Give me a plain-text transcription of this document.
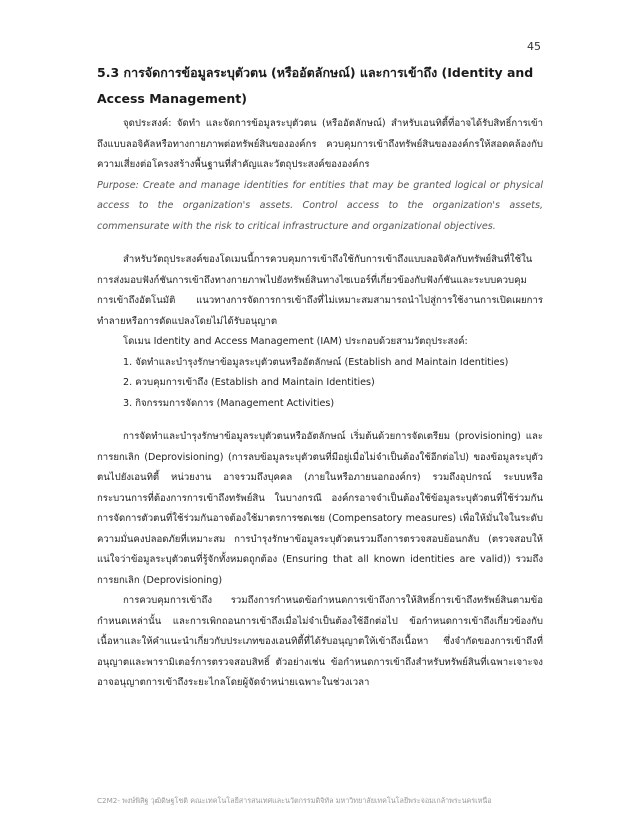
45
5.3 การจัดการข้อมูลระบุตัวตน (หรืออัตลักษณ์) และการเข้าถึง (Identity and
Access Management)

จุดประสงค์: จัดทำ และจัดการข้อมูลระบุตัวตน (หรืออัตลักษณ์) สำหรับเอนทิตี้ที่อาจได้รับสิทธิ์การเข้าถึงแบบลอจิคัลหรือทางกายภาพต่อทรัพย์สินขององค์กร ควบคุมการเข้าถึงทรัพย์สินขององค์กรให้สอดคล้องกับความเสี่ยงต่อโครงสร้างพื้นฐานที่สำคัญและวัตถุประสงค์ขององค์กร

Purpose: Create and manage identities for entities that may be granted logical or physical access to the organization's assets. Control access to the organization's assets, commensurate with the risk to critical infrastructure and organizational objectives.

สำหรับวัตถุประสงค์ของโดเมนนี้การควบคุมการเข้าถึงใช้กับการเข้าถึงแบบลอจิคัลกับทรัพย์สินที่ใช้ในการส่งมอบฟังก์ชันการเข้าถึงทางกายภาพไปยังทรัพย์สินทางไซเบอร์ที่เกี่ยวข้องกับฟังก์ชันและระบบควบคุมการเข้าถึงอัตโนมัติ แนวทางการจัดการการเข้าถึงที่ไม่เหมาะสมสามารถนำไปสู่การใช้งานการเปิดเผยการทำลายหรือการดัดแปลงโดยไม่ได้รับอนุญาต

โดเมน Identity and Access Management (IAM) ประกอบด้วยสามวัตถุประสงค์:

1. จัดทำและบำรุงรักษาข้อมูลระบุตัวตนหรืออัตลักษณ์ (Establish and Maintain Identities)

2. ควบคุมการเข้าถึง (Establish and Maintain Identities)

3. กิจกรรมการจัดการ (Management Activities)

การจัดทำและบำรุงรักษาข้อมูลระบุตัวตนหรืออัตลักษณ์ เริ่มต้นด้วยการจัดเตรียม (provisioning) และการยกเลิก (Deprovisioning) (การลบข้อมูลระบุตัวตนที่มีอยู่เมื่อไม่จำเป็นต้องใช้อีกต่อไป) ของข้อมูลระบุตัวตนไปยังเอนทิตี้ หน่วยงาน อาจรวมถึงบุคคล (ภายในหรือภายนอกองค์กร) รวมถึงอุปกรณ์ ระบบหรือกระบวนการที่ต้องการการเข้าถึงทรัพย์สิน ในบางกรณี องค์กรอาจจำเป็นต้องใช้ข้อมูลระบุตัวตนที่ใช้ร่วมกัน การจัดการตัวตนที่ใช้ร่วมกันอาจต้องใช้มาตรการชดเชย (Compensatory measures) เพื่อให้มั่นใจในระดับความมั่นคงปลอดภัยที่เหมาะสม การบำรุงรักษาข้อมูลระบุตัวตนรวมถึงการตรวจสอบย้อนกลับ (ตรวจสอบให้แน่ใจว่าข้อมูลระบุตัวตนที่รู้จักทั้งหมดถูกต้อง (Ensuring that all known identities are valid)) รวมถึงการยกเลิก (Deprovisioning)

การควบคุมการเข้าถึง รวมถึงการกำหนดข้อกำหนดการเข้าถึงการให้สิทธิ์การเข้าถึงทรัพย์สินตามข้อกำหนดเหล่านั้น และการเพิกถอนการเข้าถึงเมื่อไม่จำเป็นต้องใช้อีกต่อไป ข้อกำหนดการเข้าถึงเกี่ยวข้องกับเนื้อหาและให้คำแนะนำเกี่ยวกับประเภทของเอนทิตี้ที่ได้รับอนุญาตให้เข้าถึงเนื้อหา ซึ่งจำกัดของการเข้าถึงที่อนุญาตและพารามิเตอร์การตรวจสอบสิทธิ์ ตัวอย่างเช่น ข้อกำหนดการเข้าถึงสำหรับทรัพย์สินที่เฉพาะเจาะจงอาจอนุญาตการเข้าถึงระยะไกลโดยผู้จัดจำหน่ายเฉพาะในช่วงเวลา

C2M2- พงษ์พิสิฐ วุฒิดิษฐโชติ คณะเทคโนโลยีสารสนเทศและนวัตกรรมดิจิทัล มหาวิทยาลัยเทคโนโลยีพระจอมเกล้าพระนครเหนือ
